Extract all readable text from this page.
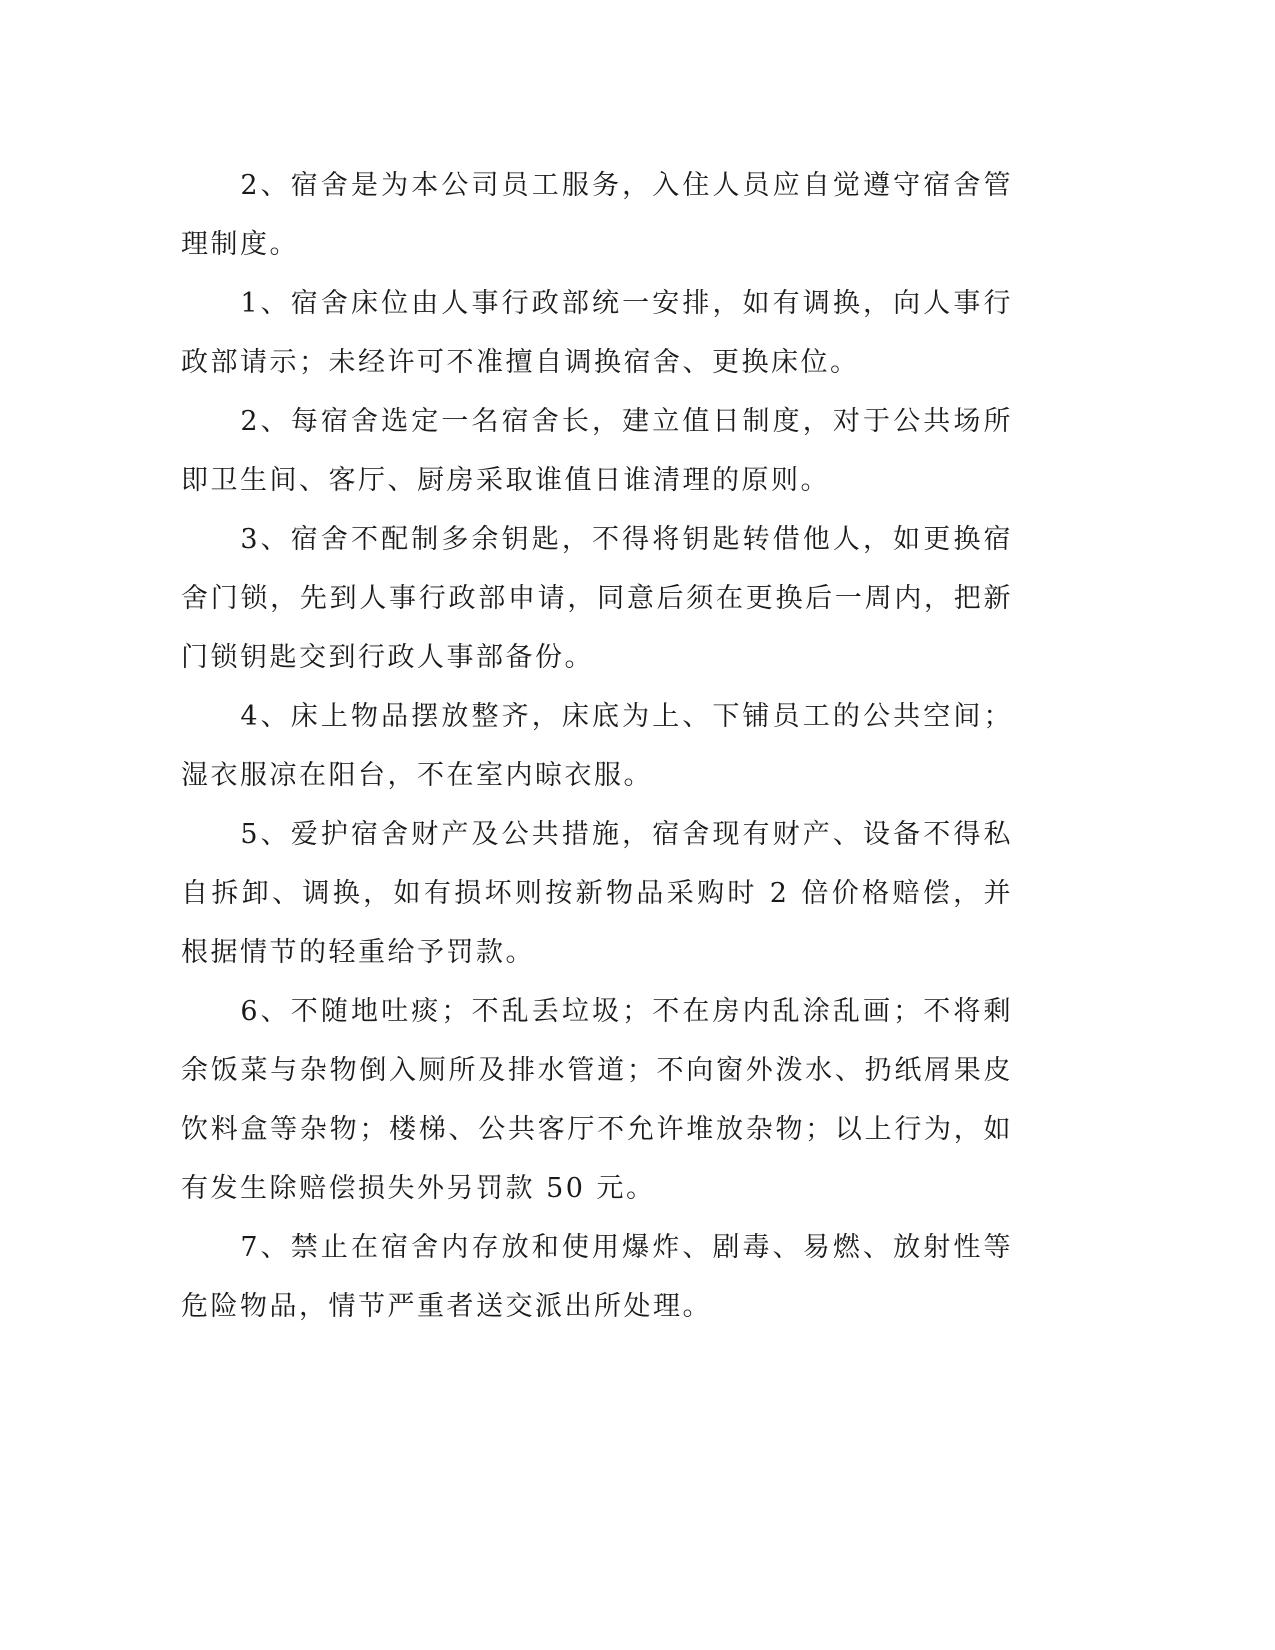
2、宿舍是为本公司员工服务，入住人员应自觉遵守宿舍管理制度。

1、宿舍床位由人事行政部统一安排，如有调换，向人事行政部请示；未经许可不准擅自调换宿舍、更换床位。

2、每宿舍选定一名宿舍长，建立值日制度，对于公共场所即卫生间、客厅、厨房采取谁值日谁清理的原则。

3、宿舍不配制多余钥匙，不得将钥匙转借他人，如更换宿舍门锁，先到人事行政部申请，同意后须在更换后一周内，把新门锁钥匙交到行政人事部备份。

4、床上物品摆放整齐，床底为上、下铺员工的公共空间；湿衣服凉在阳台，不在室内晾衣服。

5、爱护宿舍财产及公共措施，宿舍现有财产、设备不得私自拆卸、调换，如有损坏则按新物品采购时 2 倍价格赔偿，并根据情节的轻重给予罚款。

6、不随地吐痰；不乱丢垃圾；不在房内乱涂乱画；不将剩余饭菜与杂物倒入厕所及排水管道；不向窗外泼水、扔纸屑果皮饮料盒等杂物；楼梯、公共客厅不允许堆放杂物；以上行为，如有发生除赔偿损失外另罚款 50 元。

7、禁止在宿舍内存放和使用爆炸、剧毒、易燃、放射性等危险物品，情节严重者送交派出所处理。
